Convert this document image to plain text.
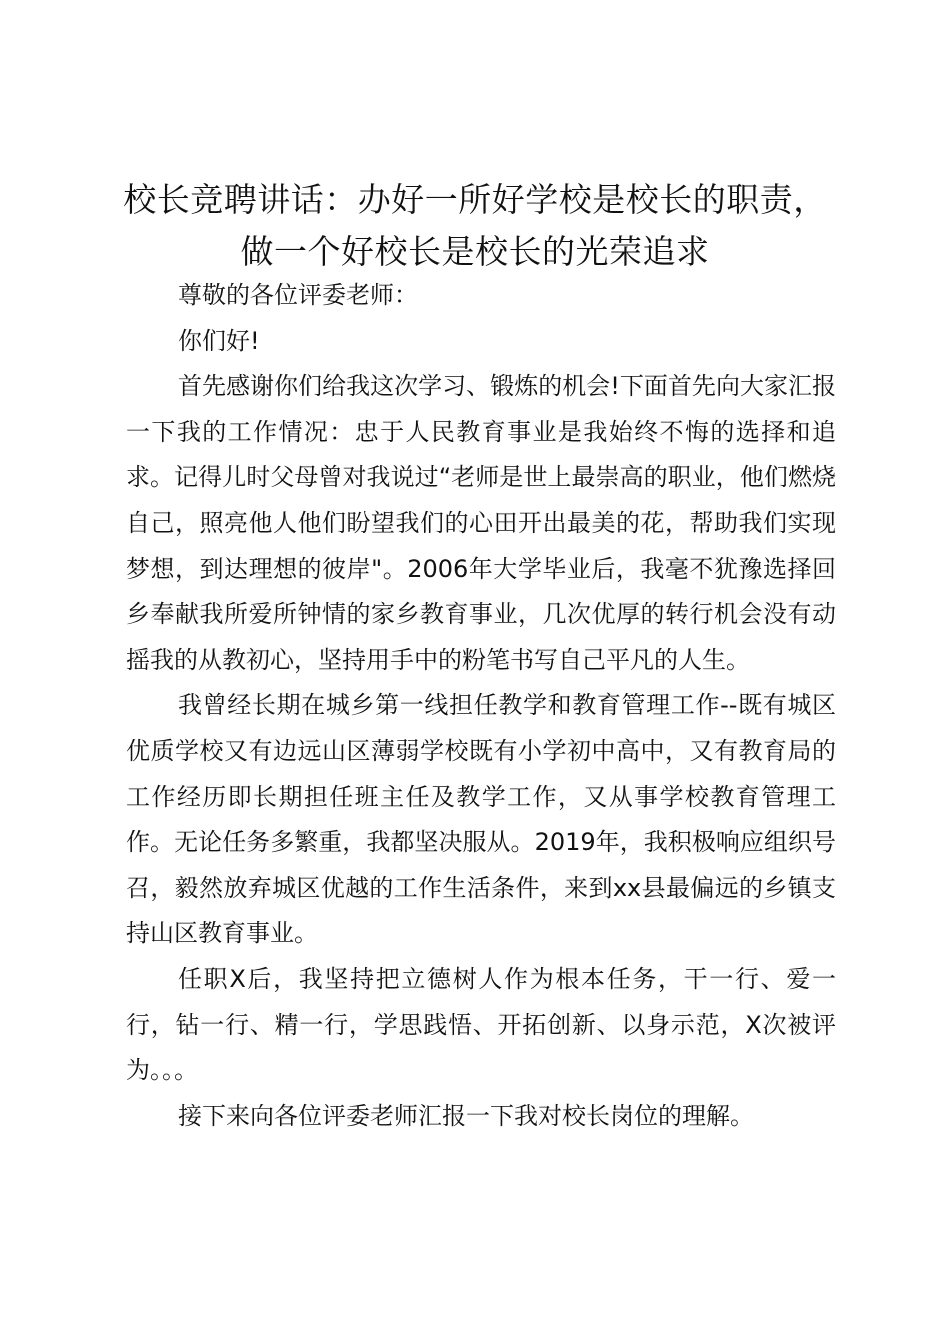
校长竞聘讲话：办好一所好学校是校长的职责，
做一个好校长是校长的光荣追求

尊敬的各位评委老师：

你们好!

首先感谢你们给我这次学习、锻炼的机会!下面首先向大家汇报一下我的工作情况：忠于人民教育事业是我始终不悔的选择和追求。记得儿时父母曾对我说过“老师是世上最崇高的职业，他们燃烧自己，照亮他人他们盼望我们的心田开出最美的花，帮助我们实现梦想，到达理想的彼岸"。2006年大学毕业后，我毫不犹豫选择回乡奉献我所爱所钟情的家乡教育事业，几次优厚的转行机会没有动摇我的从教初心，坚持用手中的粉笔书写自己平凡的人生。

我曾经长期在城乡第一线担任教学和教育管理工作--既有城区优质学校又有边远山区薄弱学校既有小学初中高中，又有教育局的工作经历即长期担任班主任及教学工作，又从事学校教育管理工作。无论任务多繁重，我都坚决服从。2019年，我积极响应组织号召，毅然放弃城区优越的工作生活条件，来到xx县最偏远的乡镇支持山区教育事业。

任职X后，我坚持把立德树人作为根本任务，干一行、爱一行，钻一行、精一行，学思践悟、开拓创新、以身示范，X次被评为。。。

接下来向各位评委老师汇报一下我对校长岗位的理解。
